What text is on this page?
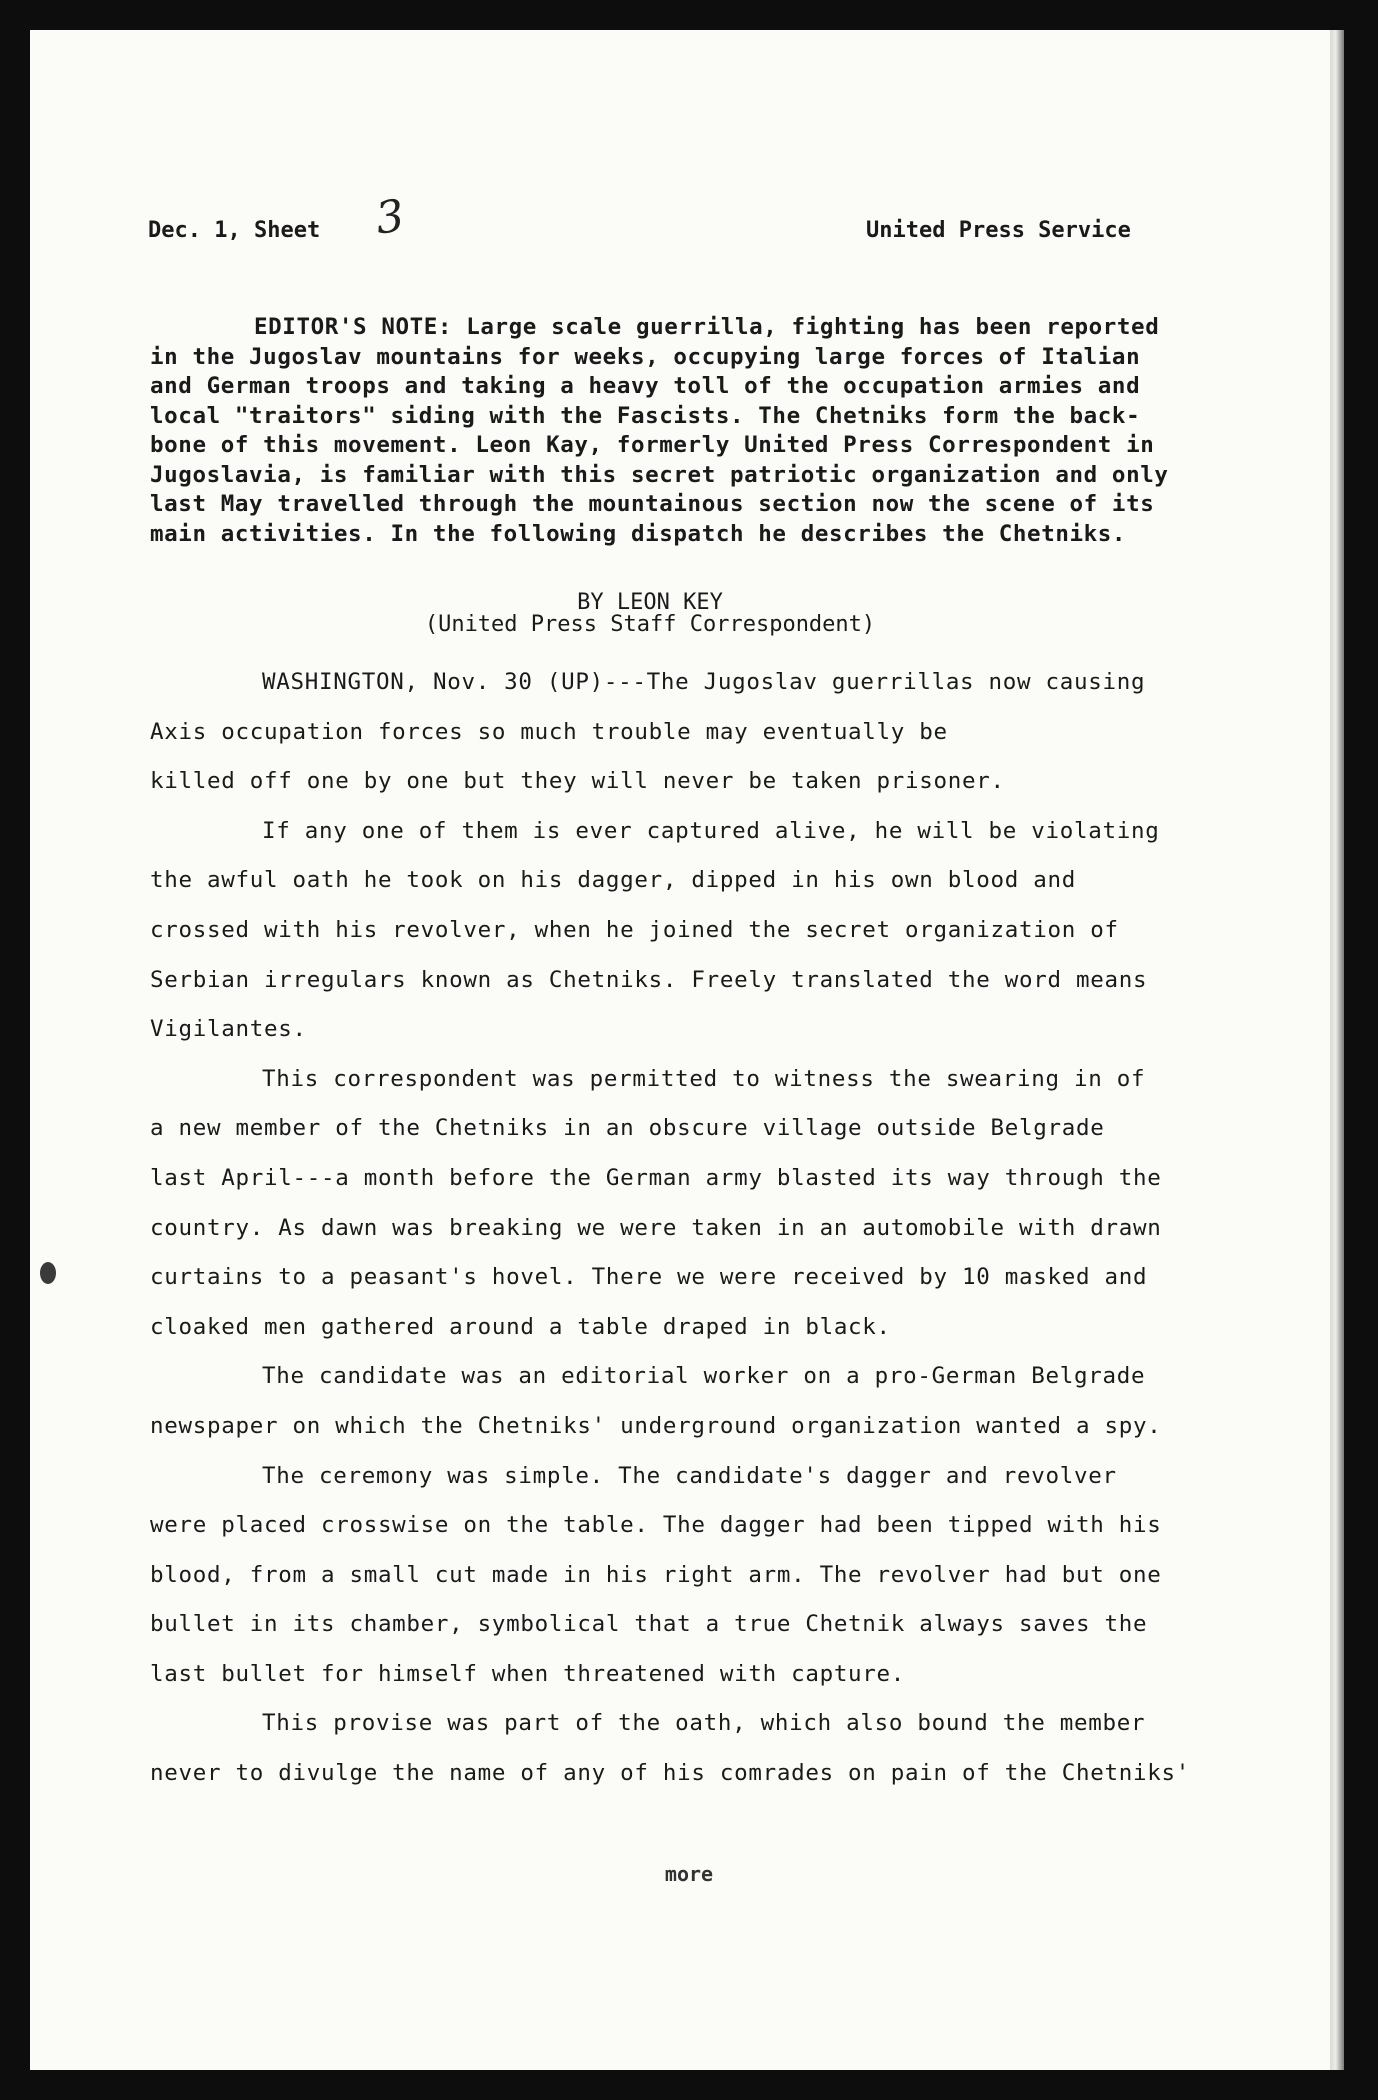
Dec. 1, Sheet 3	United Press Service

EDITOR'S NOTE: Large scale guerrilla, fighting has been reported

in the Jugoslav mountains for weeks, occupying large forces of Italian

and German troops and taking a heavy toll of the occupation armies and

local "traitors" siding with the Fascists. The Chetniks form the back-

bone of this movement. Leon Kay, formerly United Press Correspondent in

Jugoslavia, is familiar with this secret patriotic organization and only

last May travelled through the mountainous section now the scene of its

main activities. In the following dispatch he describes the Chetniks.

BY LEON KEY
(United Press Staff Correspondent)

WASHINGTON, Nov. 30 (UP)---The Jugoslav guerrillas now causing

Axis occupation forces so much trouble may eventually be

killed off one by one but they will never be taken prisoner.

If any one of them is ever captured alive, he will be violating

the awful oath he took on his dagger, dipped in his own blood and

crossed with his revolver, when he joined the secret organization of

Serbian irregulars known as Chetniks. Freely translated the word means

Vigilantes.

This correspondent was permitted to witness the swearing in of

a new member of the Chetniks in an obscure village outside Belgrade

last April---a month before the German army blasted its way through the

country. As dawn was breaking we were taken in an automobile with drawn

curtains to a peasant's hovel. There we were received by 10 masked and

cloaked men gathered around a table draped in black.

The candidate was an editorial worker on a pro-German Belgrade

newspaper on which the Chetniks' underground organization wanted a spy.

The ceremony was simple. The candidate's dagger and revolver

were placed crosswise on the table. The dagger had been tipped with his

blood, from a small cut made in his right arm. The revolver had but one

bullet in its chamber, symbolical that a true Chetnik always saves the

last bullet for himself when threatened with capture.

This provise was part of the oath, which also bound the member

never to divulge the name of any of his comrades on pain of the Chetniks'

more
